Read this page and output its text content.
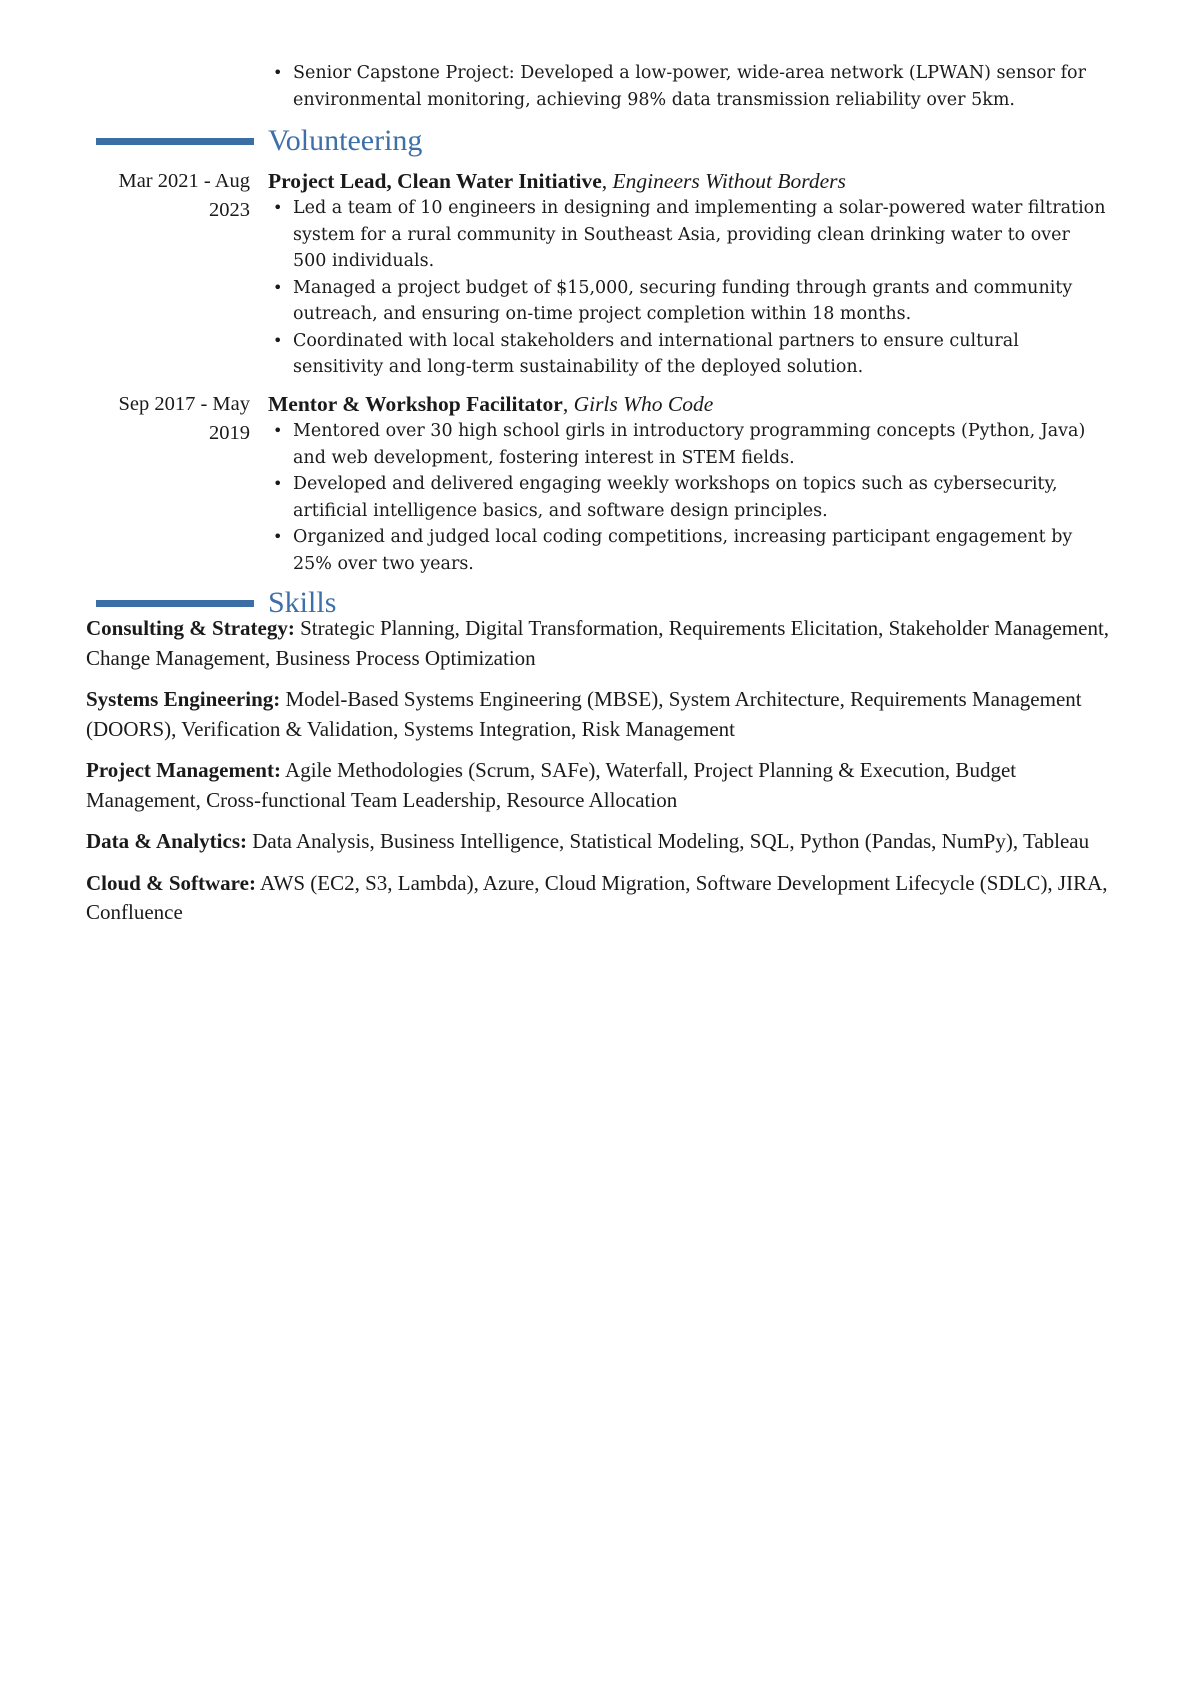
• Senior Capstone Project: Developed a low-power, wide-area network (LPWAN) sensor for environmental monitoring, achieving 98% data transmission reliability over 5km.
Volunteering
Mar 2021 - Aug 2023
Project Lead, Clean Water Initiative, Engineers Without Borders
• Led a team of 10 engineers in designing and implementing a solar-powered water filtration system for a rural community in Southeast Asia, providing clean drinking water to over 500 individuals.
• Managed a project budget of $15,000, securing funding through grants and community outreach, and ensuring on-time project completion within 18 months.
• Coordinated with local stakeholders and international partners to ensure cultural sensitivity and long-term sustainability of the deployed solution.
Sep 2017 - May 2019
Mentor & Workshop Facilitator, Girls Who Code
• Mentored over 30 high school girls in introductory programming concepts (Python, Java) and web development, fostering interest in STEM fields.
• Developed and delivered engaging weekly workshops on topics such as cybersecurity, artificial intelligence basics, and software design principles.
• Organized and judged local coding competitions, increasing participant engagement by 25% over two years.
Skills

Consulting & Strategy: Strategic Planning, Digital Transformation, Requirements Elicitation, Stakeholder Management, Change Management, Business Process Optimization

Systems Engineering: Model-Based Systems Engineering (MBSE), System Architecture, Requirements Management (DOORS), Verification & Validation, Systems Integration, Risk Management

Project Management: Agile Methodologies (Scrum, SAFe), Waterfall, Project Planning & Execution, Budget Management, Cross-functional Team Leadership, Resource Allocation

Data & Analytics: Data Analysis, Business Intelligence, Statistical Modeling, SQL, Python (Pandas, NumPy), Tableau

Cloud & Software: AWS (EC2, S3, Lambda), Azure, Cloud Migration, Software Development Lifecycle (SDLC), JIRA, Confluence
